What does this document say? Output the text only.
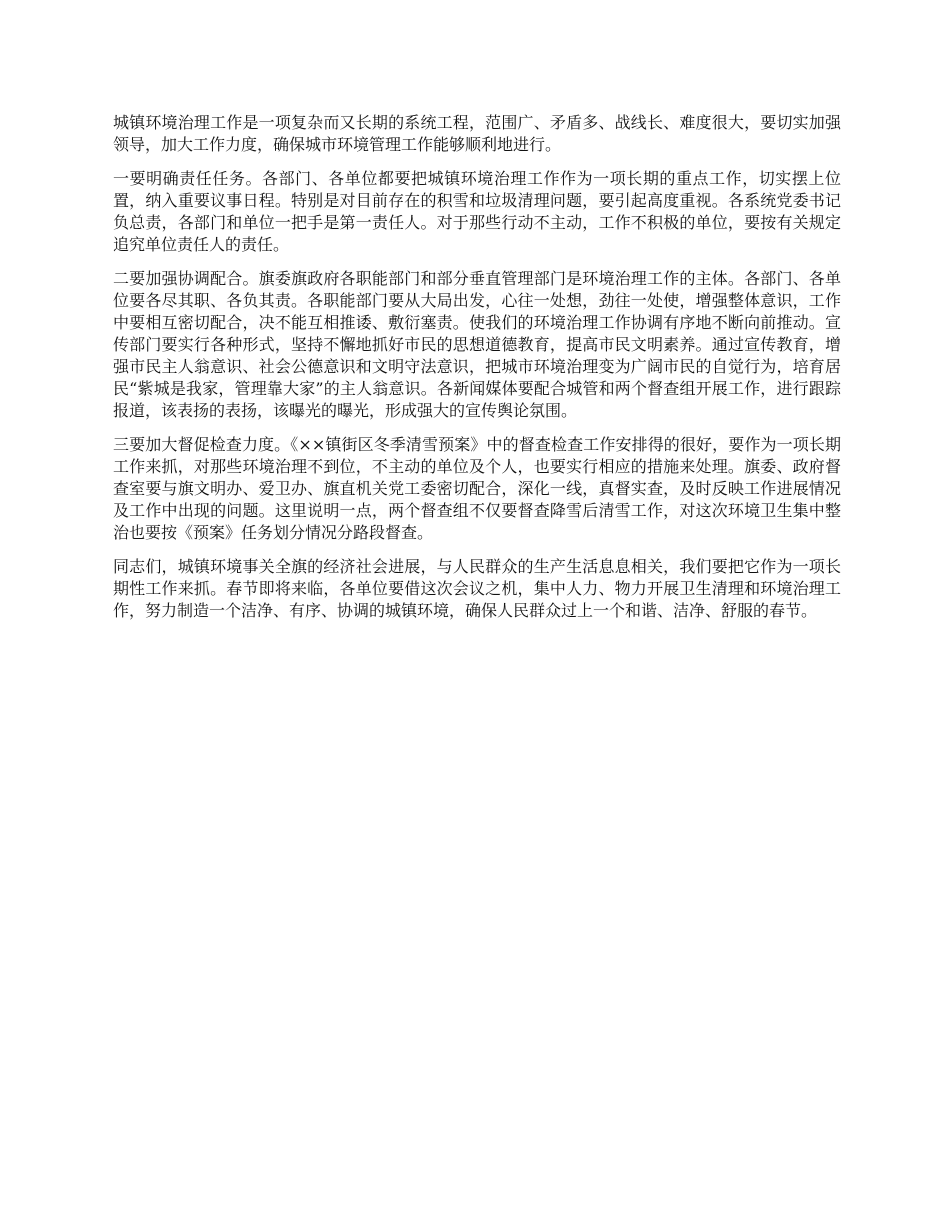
城镇环境治理工作是一项复杂而又长期的系统工程，范围广、矛盾多、战线长、难度很大，要切实加强领导，加大工作力度，确保城市环境管理工作能够顺利地进行。

一要明确责任任务。各部门、各单位都要把城镇环境治理工作作为一项长期的重点工作，切实摆上位置，纳入重要议事日程。特别是对目前存在的积雪和垃圾清理问题，要引起高度重视。各系统党委书记负总责，各部门和单位一把手是第一责任人。对于那些行动不主动，工作不积极的单位，要按有关规定追究单位责任人的责任。

二要加强协调配合。旗委旗政府各职能部门和部分垂直管理部门是环境治理工作的主体。各部门、各单位要各尽其职、各负其责。各职能部门要从大局出发，心往一处想，劲往一处使，增强整体意识，工作中要相互密切配合，决不能互相推诿、敷衍塞责。使我们的环境治理工作协调有序地不断向前推动。宣传部门要实行各种形式，坚持不懈地抓好市民的思想道德教育，提高市民文明素养。通过宣传教育，增强市民主人翁意识、社会公德意识和文明守法意识，把城市环境治理变为广阔市民的自觉行为，培育居民“紫城是我家，管理靠大家”的主人翁意识。各新闻媒体要配合城管和两个督查组开展工作，进行跟踪报道，该表扬的表扬，该曝光的曝光，形成强大的宣传舆论氛围。

三要加大督促检查力度。《××镇街区冬季清雪预案》中的督查检查工作安排得的很好，要作为一项长期工作来抓，对那些环境治理不到位，不主动的单位及个人，也要实行相应的措施来处理。旗委、政府督查室要与旗文明办、爱卫办、旗直机关党工委密切配合，深化一线，真督实查，及时反映工作进展情况及工作中出现的问题。这里说明一点，两个督查组不仅要督查降雪后清雪工作，对这次环境卫生集中整治也要按《预案》任务划分情况分路段督查。

同志们，城镇环境事关全旗的经济社会进展，与人民群众的生产生活息息相关，我们要把它作为一项长期性工作来抓。春节即将来临，各单位要借这次会议之机，集中人力、物力开展卫生清理和环境治理工作，努力制造一个洁净、有序、协调的城镇环境，确保人民群众过上一个和谐、洁净、舒服的春节。
